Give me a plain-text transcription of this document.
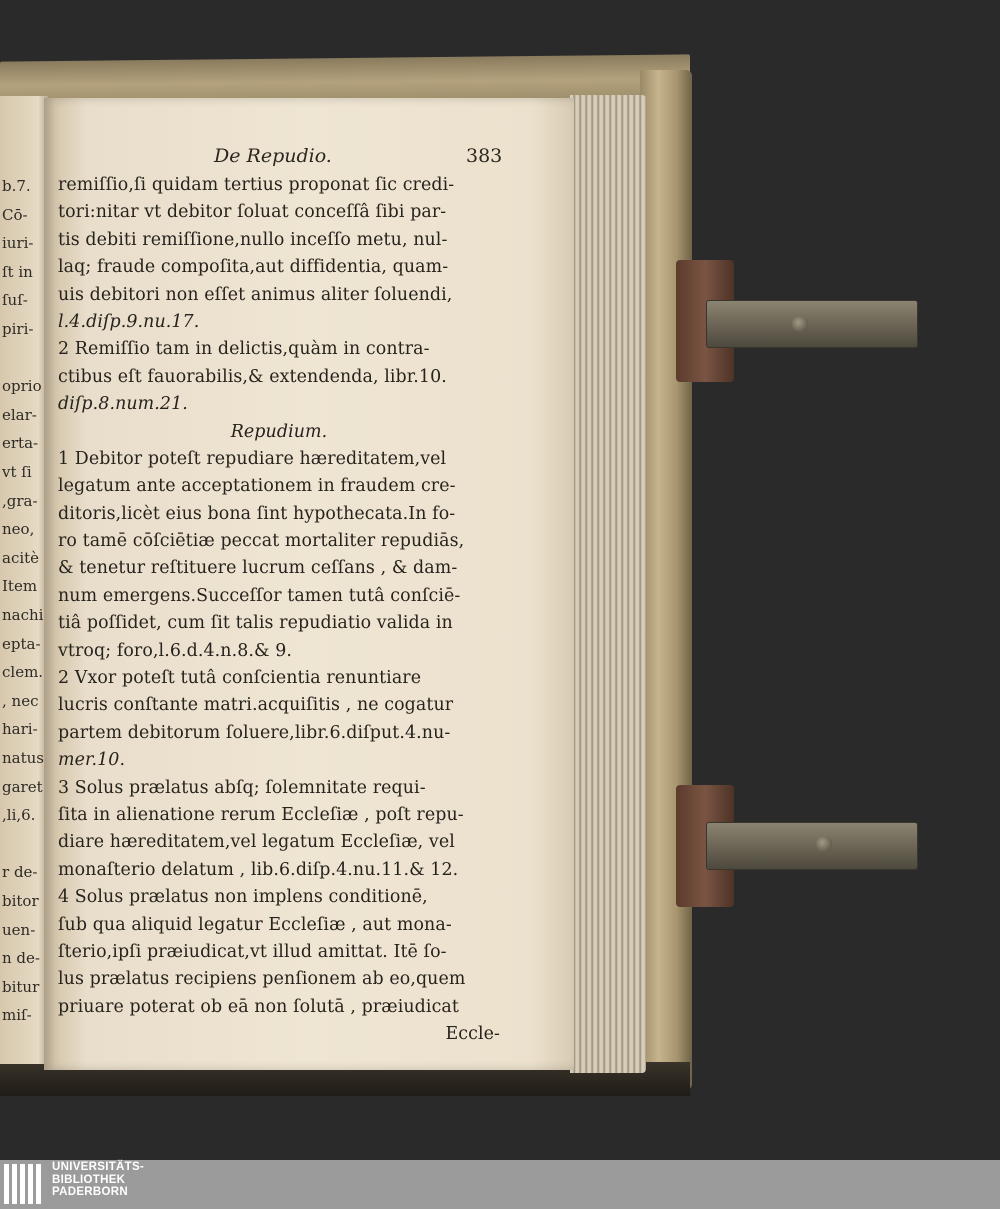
b.7.
Cō-
iuri-
ſt in
ſuſ-
piri-
oprio
elar-
erta-
vt ſi
,gra-
neo,
acitè
Item
nachi
epta-
clem.
, nec
hari-
natus
garet
,li,6.
r de-
bitor
uen-
n de-
bitur
miſ-
De Repudio.	383
remiſſio,ſi quidam tertius proponat ſic credi-
tori:nitar vt debitor ſoluat conceſſâ ſibi par-
tis debiti remiſſione,nullo inceſſo metu, nul-
laq; fraude compoſita,aut diffidentia, quam-
uis debitori non eſſet animus aliter ſoluendi,
l.4.diſp.9.nu.17.
2 Remiſſio tam in delictis,quàm in contra-
ctibus eſt fauorabilis,& extendenda, libr.10.
diſp.8.num.21.
Repudium.
1 Debitor poteſt repudiare hæreditatem,vel
legatum ante acceptationem in fraudem cre-
ditoris,licèt eius bona ſint hypothecata.In fo-
ro tamē cōſciētiæ peccat mortaliter repudiās,
& tenetur reſtituere lucrum ceſſans , & dam-
num emergens.Succeſſor tamen tutâ conſciē-
tiâ poſſidet, cum ſit talis repudiatio valida in
vtroq; foro,l.6.d.4.n.8.& 9.
2 Vxor poteſt tutâ conſcientia renuntiare
lucris conſtante matri.acquiſitis , ne cogatur
partem debitorum ſoluere,libr.6.diſput.4.nu-
mer.10.
3 Solus prælatus abſq; ſolemnitate requi-
ſita in alienatione rerum Eccleſiæ , poſt repu-
diare hæreditatem,vel legatum Eccleſiæ, vel
monaſterio delatum , lib.6.diſp.4.nu.11.& 12.
4 Solus prælatus non implens conditionē,
ſub qua aliquid legatur Eccleſiæ , aut mona-
ſterio,ipſi præiudicat,vt illud amittat. Itē ſo-
lus prælatus recipiens penſionem ab eo,quem
priuare poterat ob eā non ſolutā , præiudicat
Eccle-
UNIVERSITÄTS-
BIBLIOTHEK
PADERBORN
